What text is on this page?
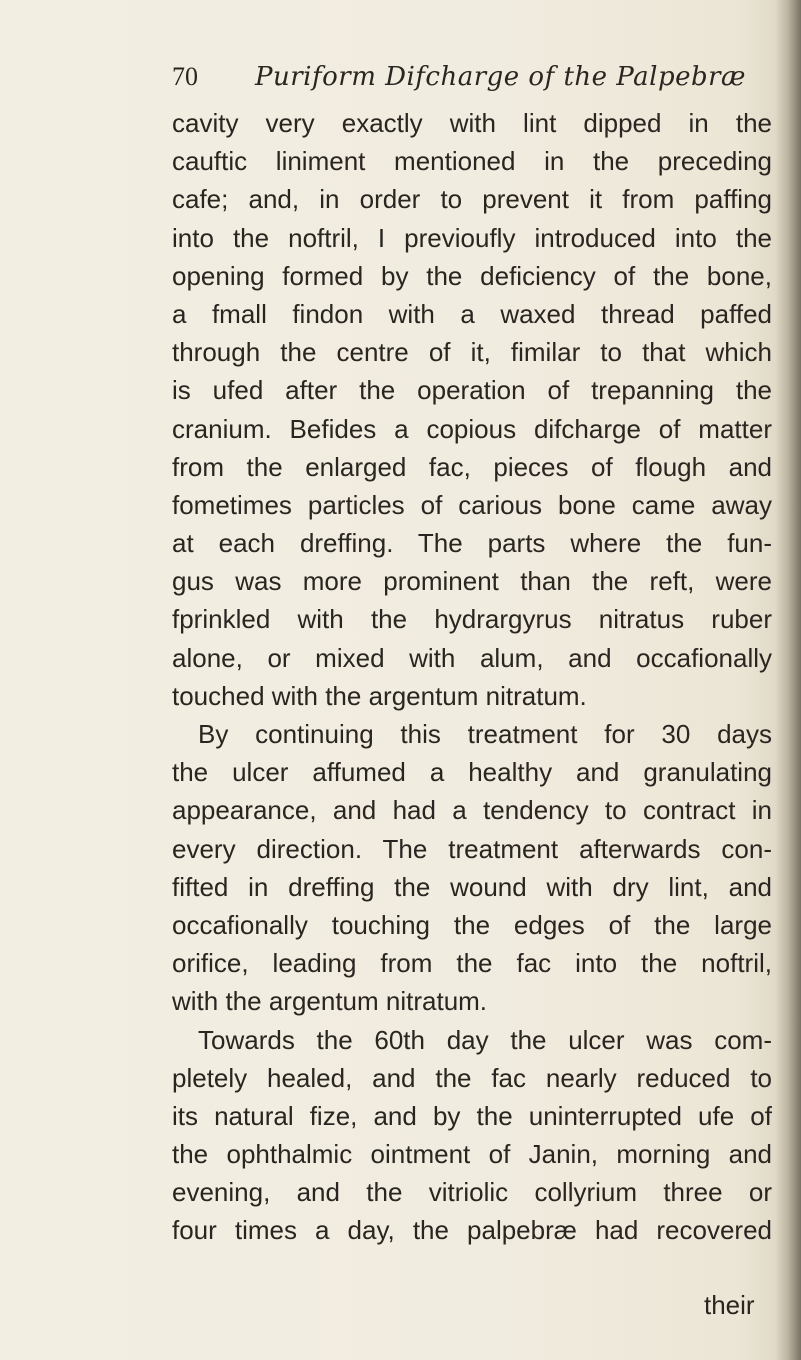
70 Puriform Difcharge of the Palpebræ
cavity very exactly with lint dipped in the
cauftic liniment mentioned in the preceding
cafe; and, in order to prevent it from paffing
into the noftril, I previoufly introduced into the
opening formed by the deficiency of the bone,
a fmall findon with a waxed thread paffed
through the centre of it, fimilar to that which
is ufed after the operation of trepanning the
cranium. Befides a copious difcharge of matter
from the enlarged fac, pieces of flough and
fometimes particles of carious bone came away
at each dreffing. The parts where the fun-
gus was more prominent than the reft, were
fprinkled with the hydrargyrus nitratus ruber
alone, or mixed with alum, and occafionally
touched with the argentum nitratum.
By continuing this treatment for 30 days
the ulcer affumed a healthy and granulating
appearance, and had a tendency to contract in
every direction. The treatment afterwards con-
fifted in dreffing the wound with dry lint, and
occafionally touching the edges of the large
orifice, leading from the fac into the noftril,
with the argentum nitratum.
Towards the 60th day the ulcer was com-
pletely healed, and the fac nearly reduced to
its natural fize, and by the uninterrupted ufe of
the ophthalmic ointment of Janin, morning and
evening, and the vitriolic collyrium three or
four times a day, the palpebræ had recovered
their
